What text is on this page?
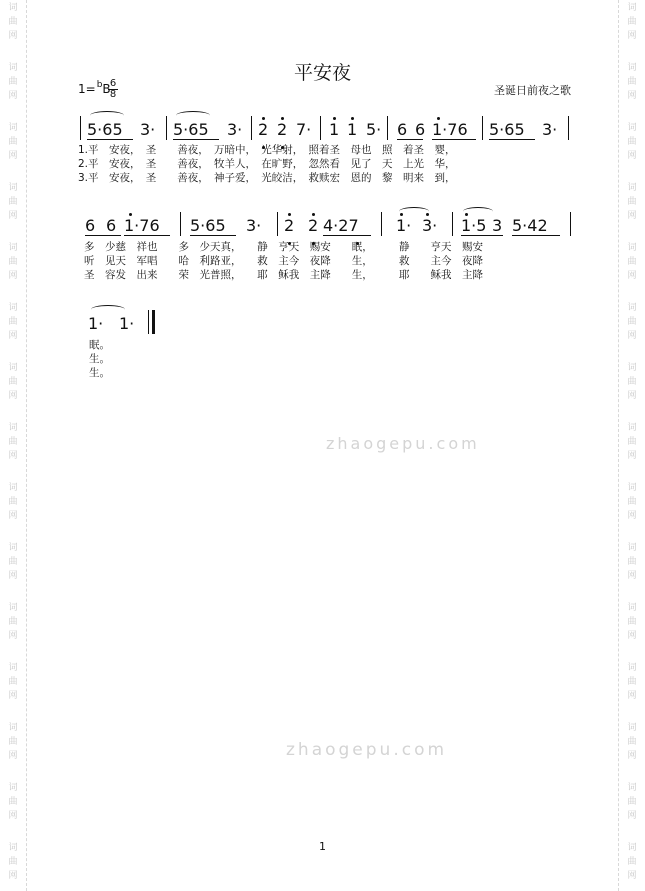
词
曲
网
词
曲
网
词
曲
网
词
曲
网
词
曲
网
词
曲
网
词
曲
网
词
曲
网
词
曲
网
词
曲
网
词
曲
网
词
曲
网
词
曲
网
词
曲
网
词
曲
网
词
曲
网
词
曲
网
词
曲
网
词
曲
网
词
曲
网
词
曲
网
词
曲
网
词
曲
网
词
曲
网
词
曲
网
词
曲
网
词
曲
网
词
曲
网
词
曲
网
词
曲
网
平安夜
1=$^b$B 6
8	圣诞日前夜之歌
5·65 3· 5·65 3· 2 2 7· 1 1 5· 6 6 1·76 5·65 3·
1.平　安夜，　圣　　善夜，　万暗中，　光华射，　照着圣　母也　照　着圣　婴，
2.平　安夜，　圣　　善夜，　牧羊人，　在旷野，　忽然看　见了　天　上光　华，
3.平　安夜，　圣　　善夜，　神子爱，　光皎洁，　救赎宏　恩的　黎　明来　到，
6 6 1·76 5·65 3· 2 2 4·27 1· 3· 1·5 3 5·42
多　少慈　祥也　　多　少天真，　　静　亨天　赐安　　眠，　　　静　　亨天　赐安
听　见天　军唱　　哈　利路亚，　　救　主今　夜降　　生，　　　救　　主今　夜降
圣　容发　出来　　荣　光普照，　　耶　稣我　主降　　生，　　　耶　　稣我　主降
1· 1·
眠。
生。
生。
zhaogepu.com
zhaogepu.com
1
